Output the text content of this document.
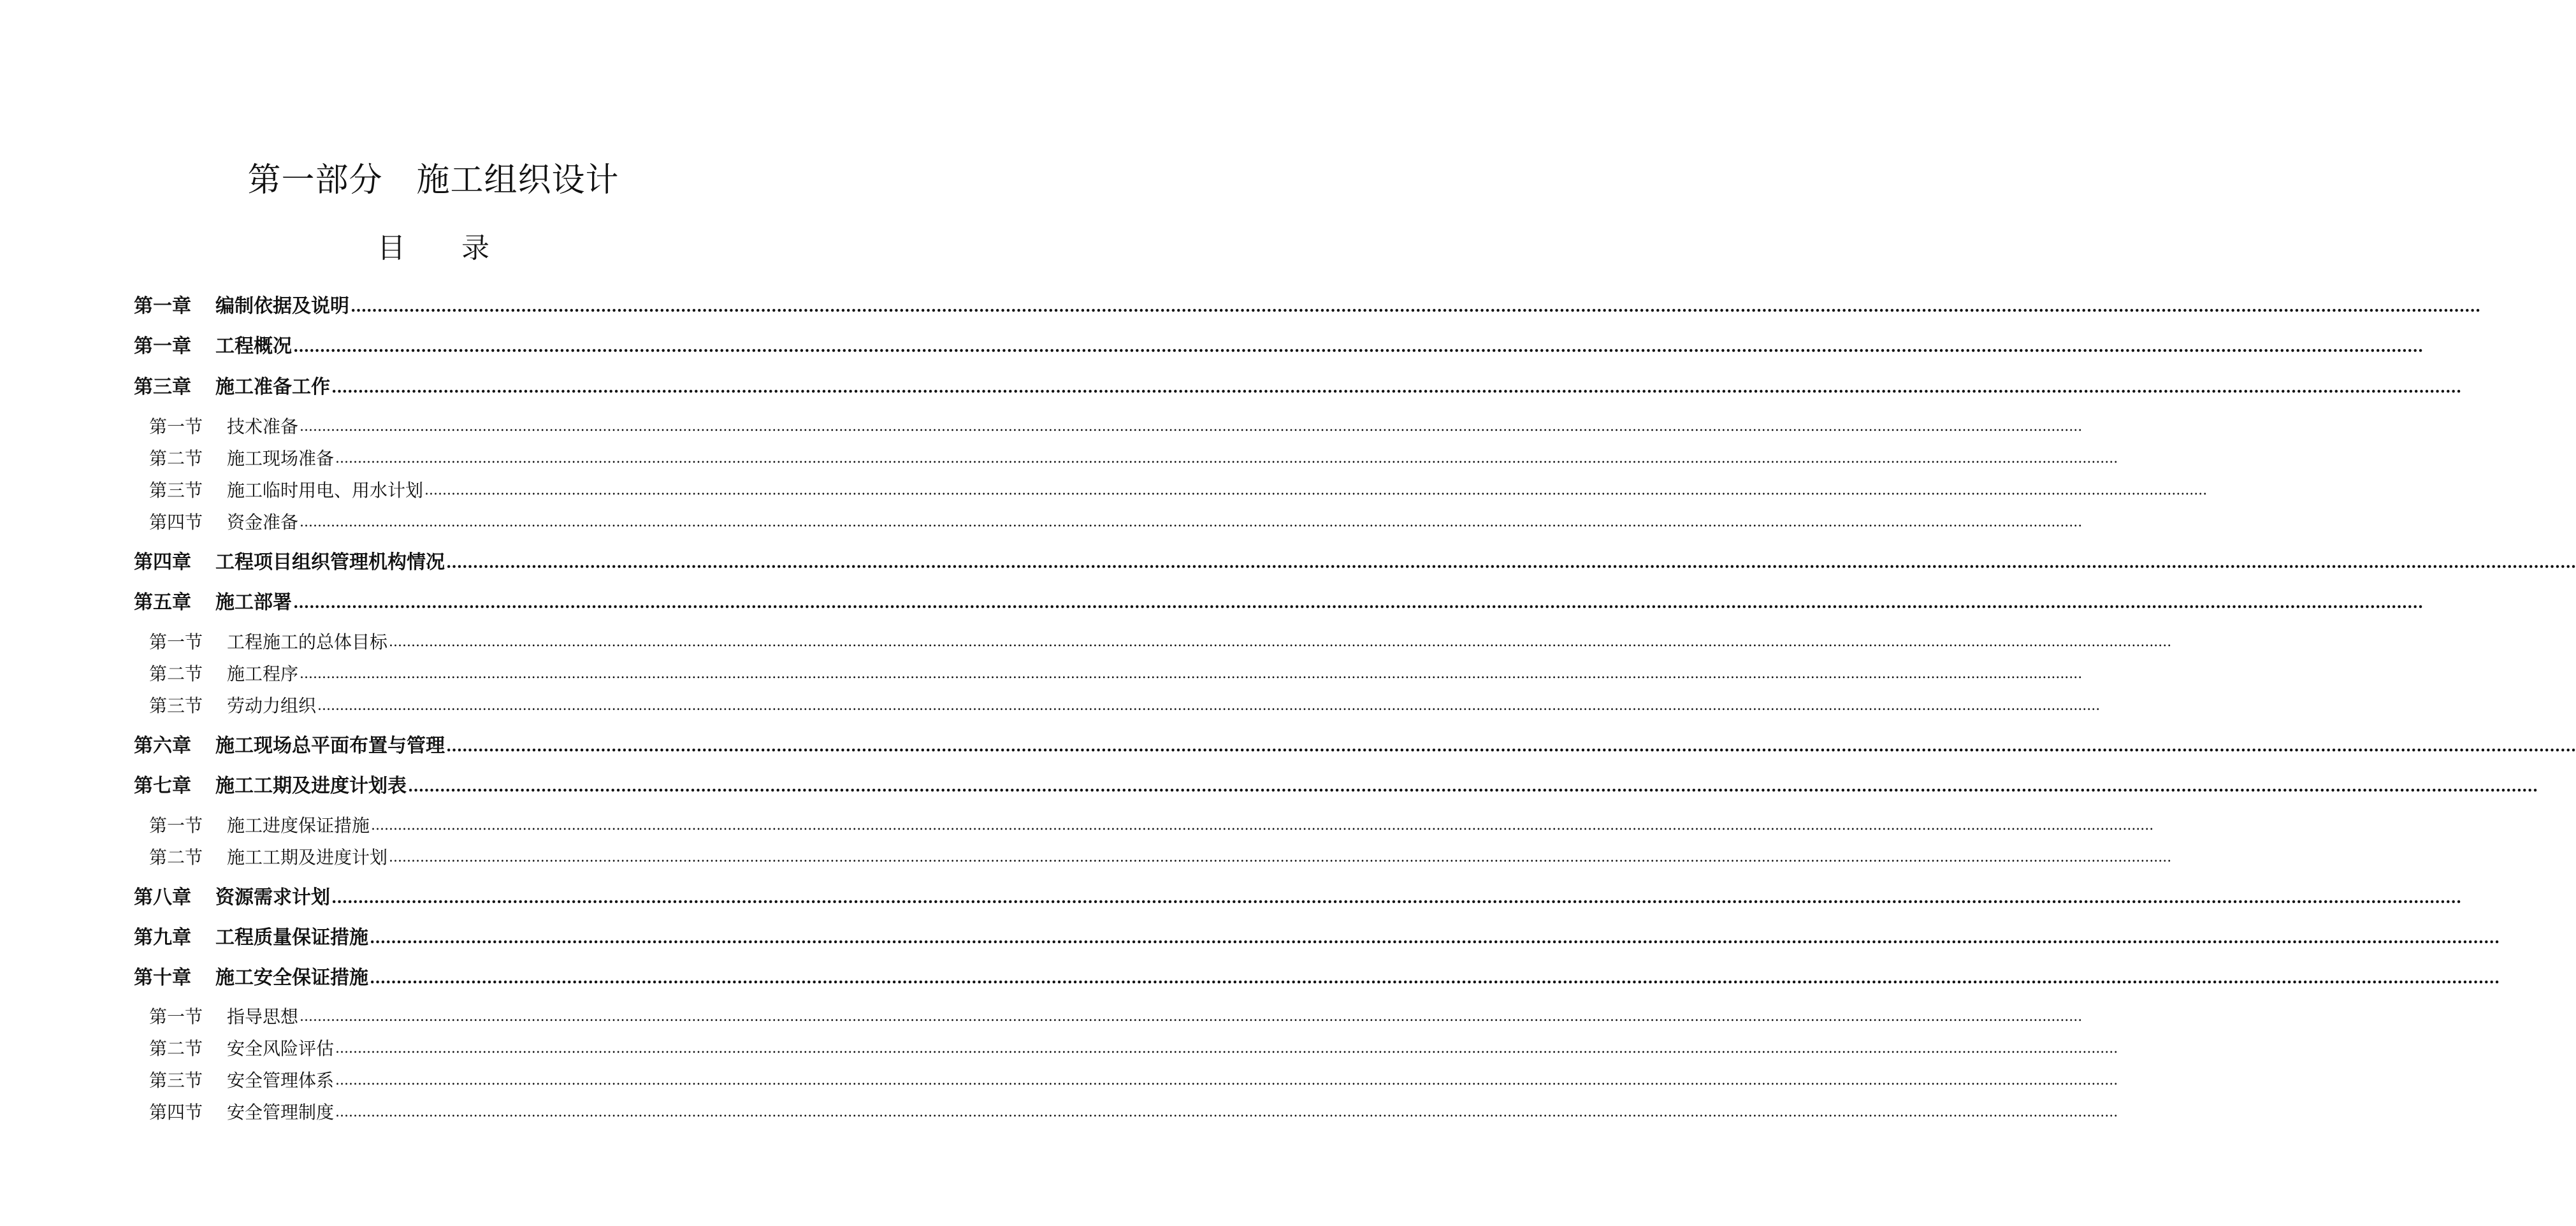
第一部分　施工组织设计
目　　录
第一章	编制依据及说明 ................................................................................................................................................................................................................................................................................................................................................................................................................
第一章	工程概况 ................................................................................................................................................................................................................................................................................................................................................................................................................
第三章	施工准备工作 ................................................................................................................................................................................................................................................................................................................................................................................................................
第一节	技术准备 ................................................................................................................................................................................................................................................................................................................................................................................................................
第二节	施工现场准备 ................................................................................................................................................................................................................................................................................................................................................................................................................
第三节	施工临时用电、用水计划 ................................................................................................................................................................................................................................................................................................................................................................................................................
第四节	资金准备 ................................................................................................................................................................................................................................................................................................................................................................................................................
第四章	工程项目组织管理机构情况 ................................................................................................................................................................................................................................................................................................................................................................................................................
第五章	施工部署 ................................................................................................................................................................................................................................................................................................................................................................................................................
第一节	工程施工的总体目标 ................................................................................................................................................................................................................................................................................................................................................................................................................
第二节	施工程序 ................................................................................................................................................................................................................................................................................................................................................................................................................
第三节	劳动力组织 ................................................................................................................................................................................................................................................................................................................................................................................................................
第六章	施工现场总平面布置与管理 ................................................................................................................................................................................................................................................................................................................................................................................................................
第七章	施工工期及进度计划表 ................................................................................................................................................................................................................................................................................................................................................................................................................
第一节	施工进度保证措施 ................................................................................................................................................................................................................................................................................................................................................................................................................
第二节	施工工期及进度计划 ................................................................................................................................................................................................................................................................................................................................................................................................................
第八章	资源需求计划 ................................................................................................................................................................................................................................................................................................................................................................................................................
第九章	工程质量保证措施 ................................................................................................................................................................................................................................................................................................................................................................................................................
第十章	施工安全保证措施 ................................................................................................................................................................................................................................................................................................................................................................................................................
第一节	指导思想 ................................................................................................................................................................................................................................................................................................................................................................................................................
第二节	安全风险评估 ................................................................................................................................................................................................................................................................................................................................................................................................................
第三节	安全管理体系 ................................................................................................................................................................................................................................................................................................................................................................................................................
第四节	安全管理制度 ................................................................................................................................................................................................................................................................................................................................................................................................................
